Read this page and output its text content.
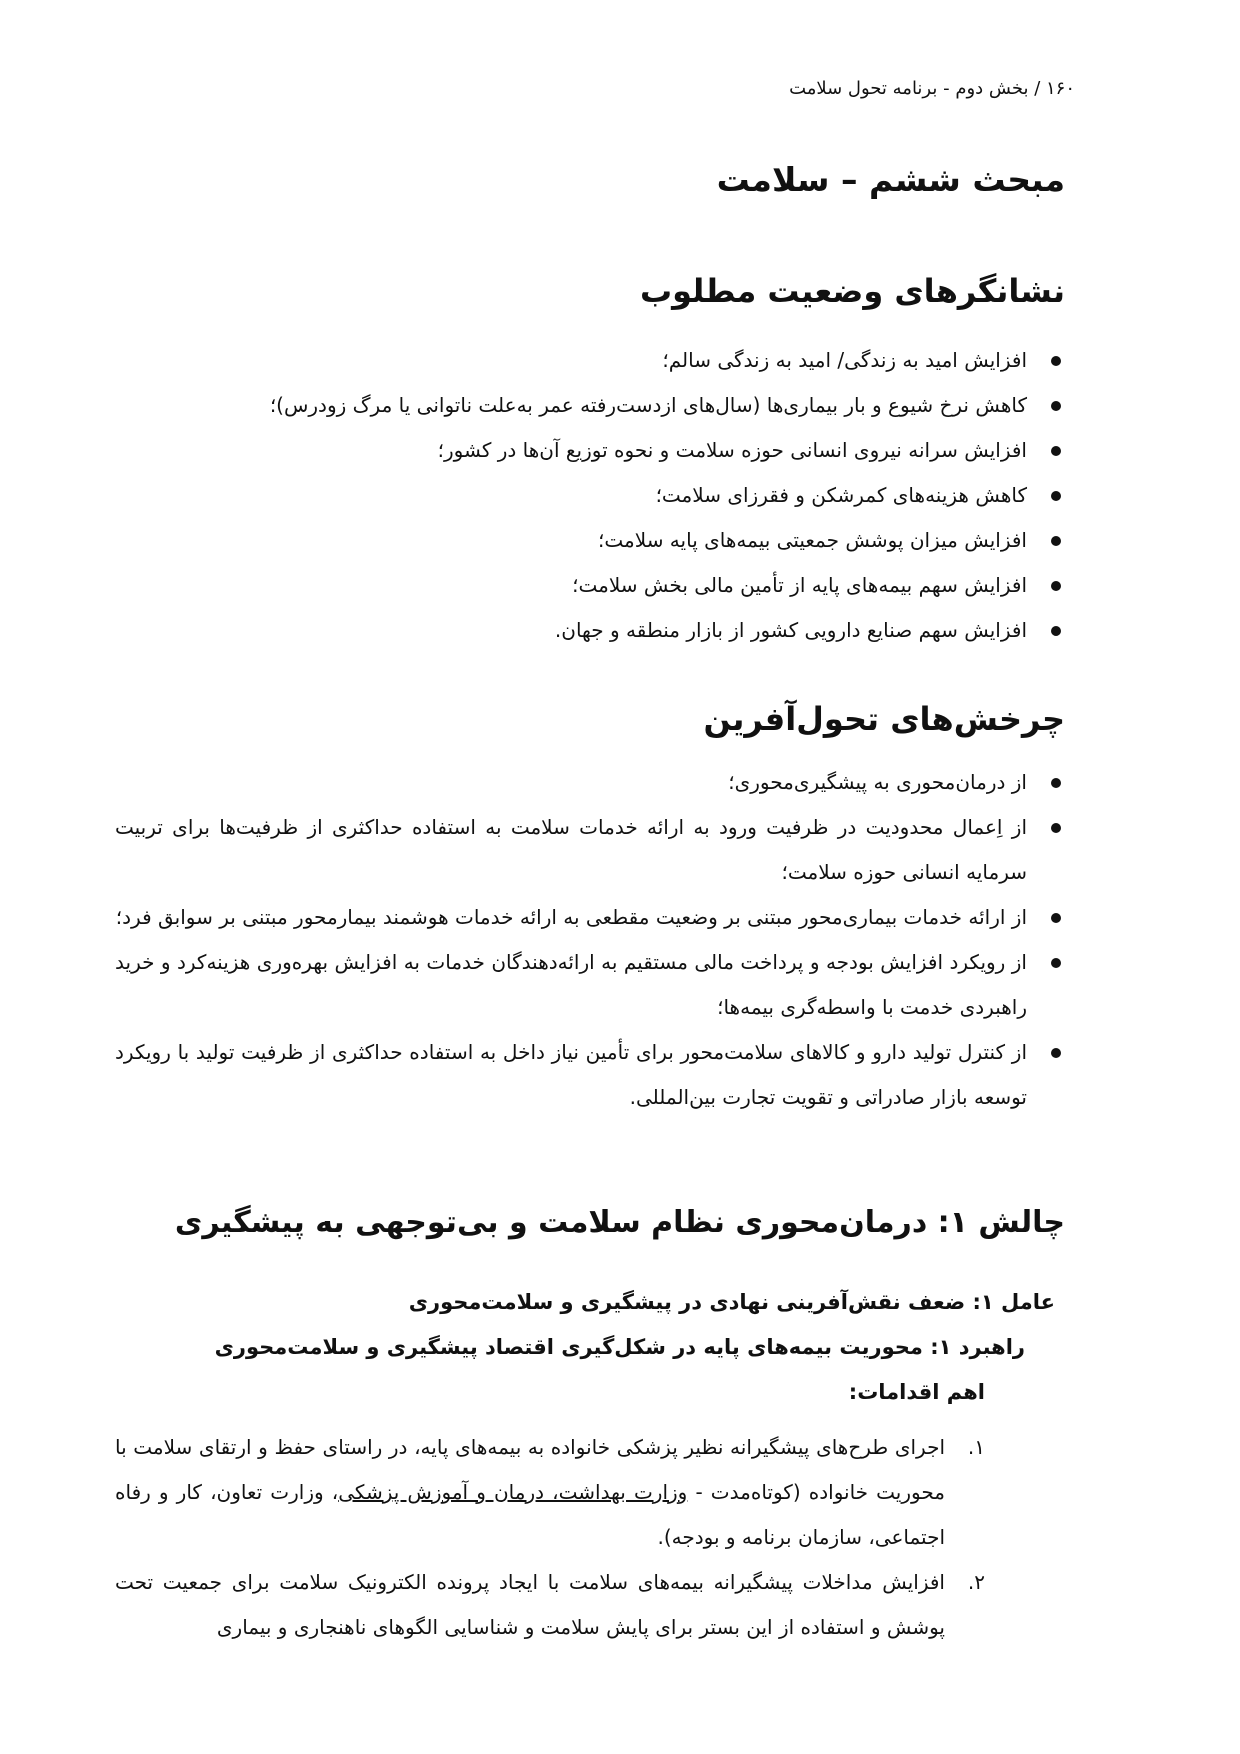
۱۶۰ / بخش دوم - برنامه تحول سلامت
مبحث ششم – سلامت
نشانگرهای وضعیت مطلوب
افزایش امید به زندگی/ امید به زندگی سالم؛
کاهش نرخ شیوع و بار بیماری‌ها (سال‌های ازدست‌رفته عمر به‌علت ناتوانی یا مرگ زودرس)؛
افزایش سرانه نیروی انسانی حوزه سلامت و نحوه توزیع آن‌ها در کشور؛
کاهش هزینه‌های کمرشکن و فقرزای سلامت؛
افزایش میزان پوشش جمعیتی بیمه‌های پایه سلامت؛
افزایش سهم بیمه‌های پایه از تأمین مالی بخش سلامت؛
افزایش سهم صنایع دارویی کشور از بازار منطقه و جهان.
چرخش‌های تحول‌آفرین
از درمان‌محوری به پیشگیری‌محوری؛
از اِعمال محدودیت در ظرفیت ورود به ارائه خدمات سلامت به استفاده حداکثری از ظرفیت‌ها برای تربیت سرمایه انسانی حوزه سلامت؛
از ارائه خدمات بیماری‌محور مبتنی بر وضعیت مقطعی به ارائه خدمات هوشمند بیمارمحور مبتنی بر سوابق فرد؛
از رویکرد افزایش بودجه و پرداخت مالی مستقیم به ارائه‌دهندگان خدمات به افزایش بهره‌وری هزینه‌کرد و خرید راهبردی خدمت با واسطه‌گری بیمه‌ها؛
از کنترل تولید دارو و کالاهای سلامت‌محور برای تأمین نیاز داخل به استفاده حداکثری از ظرفیت تولید با رویکرد توسعه بازار صادراتی و تقویت تجارت بین‌المللی.
چالش ۱: درمان‌محوری نظام سلامت و بی‌توجهی به پیشگیری
عامل ۱: ضعف نقش‌آفرینی نهادی در پیشگیری و سلامت‌محوری
راهبرد ۱: محوریت بیمه‌های پایه در شکل‌گیری اقتصاد پیشگیری و سلامت‌محوری
اهم اقدامات:
۱.
اجرای طرح‌های پیشگیرانه نظیر پزشکی خانواده به بیمه‌های پایه، در راستای حفظ و ارتقای سلامت با محوریت خانواده (کوتاه‌مدت - وزارت بهداشت، درمان و آموزش پزشکی، وزارت تعاون، کار و رفاه اجتماعی، سازمان برنامه و بودجه).
۲.
افزایش مداخلات پیشگیرانه بیمه‌های سلامت با ایجاد پرونده الکترونیک سلامت برای جمعیت تحت پوشش و استفاده از این بستر برای پایش سلامت و شناسایی الگوهای ناهنجاری و بیماری
